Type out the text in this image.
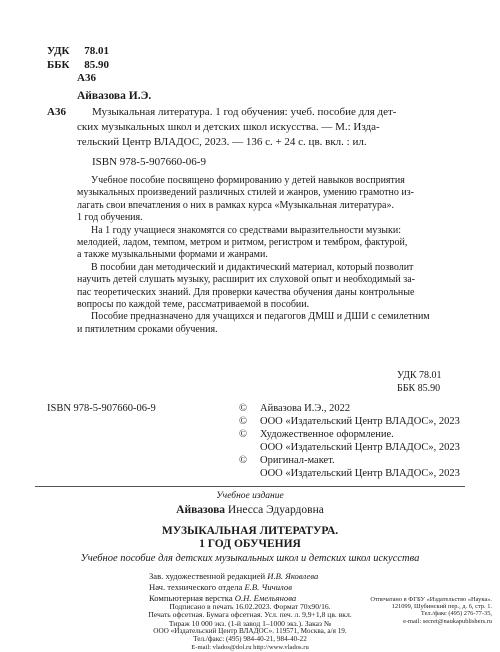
УДК 78.01
ББК 85.90
А36
Айвазова И.Э.
А36 Музыкальная литература. 1 год обучения: учеб. пособие для дет-
ских музыкальных школ и детских школ искусства. — М.: Изда-
тельский Центр ВЛАДОС, 2023. — 136 с. + 24 с. цв. вкл. : ил.
ISBN 978-5-907660-06-9
Учебное пособие посвящено формированию у детей навыков восприятия
музыкальных произведений различных стилей и жанров, умению грамотно из-
лагать свои впечатления о них в рамках курса «Музыкальная литература».
1 год обучения.
На 1 году учащиеся знакомятся со средствами выразительности музыки:
мелодией, ладом, темпом, метром и ритмом, регистром и тембром, фактурой,
а также музыкальными формами и жанрами.
В пособии дан методический и дидактический материал, который позволит
научить детей слушать музыку, расширит их слуховой опыт и необходимый за-
пас теоретических знаний. Для проверки качества обучения даны контрольные
вопросы по каждой теме, рассматриваемой в пособии.
Пособие предназначено для учащихся и педагогов ДМШ и ДШИ с семилетним
и пятилетним сроками обучения.
УДК 78.01
ББК 85.90
ISBN 978-5-907660-06-9	© Айвазова И.Э., 2022
© ООО «Издательский Центр ВЛАДОС», 2023
© Художественное оформление.
ООО «Издательский Центр ВЛАДОС», 2023
© Оригинал-макет.
ООО «Издательский Центр ВЛАДОС», 2023
Учебное издание
Айвазова Инесса Эдуардовна
МУЗЫКАЛЬНАЯ ЛИТЕРАТУРА.
1 ГОД ОБУЧЕНИЯ
Учебное пособие для детских музыкальных школ и детских школ искусства
Зав. художественной редакцией И.В. Яковлева
Нач. технического отдела Е.В. Чичилов
Компьютерная верстка О.Н. Емельянова
Подписано в печать 16.02.2023. Формат 70x90/16.
Печать офсетная. Бумага офсетная. Усл. печ. л. 9,9+1,8 цв. вкл.
Тираж 10 000 экз. (1-й завод 1–1000 экз.). Заказ №
ООО «Издательский Центр ВЛАДОС». 119571, Москва, а/я 19.
Тел./факс: (495) 984-40-21, 984-40-22
E-mail: vlados@dol.ru http://www.vlados.ru
Отпечатано в ФГБУ «Издательство «Наука».
121099, Шубинский пер., д. 6, стр. 1.
Тел./факс (495) 276-77-35,
e-mail: secret@naukapublishers.ru
